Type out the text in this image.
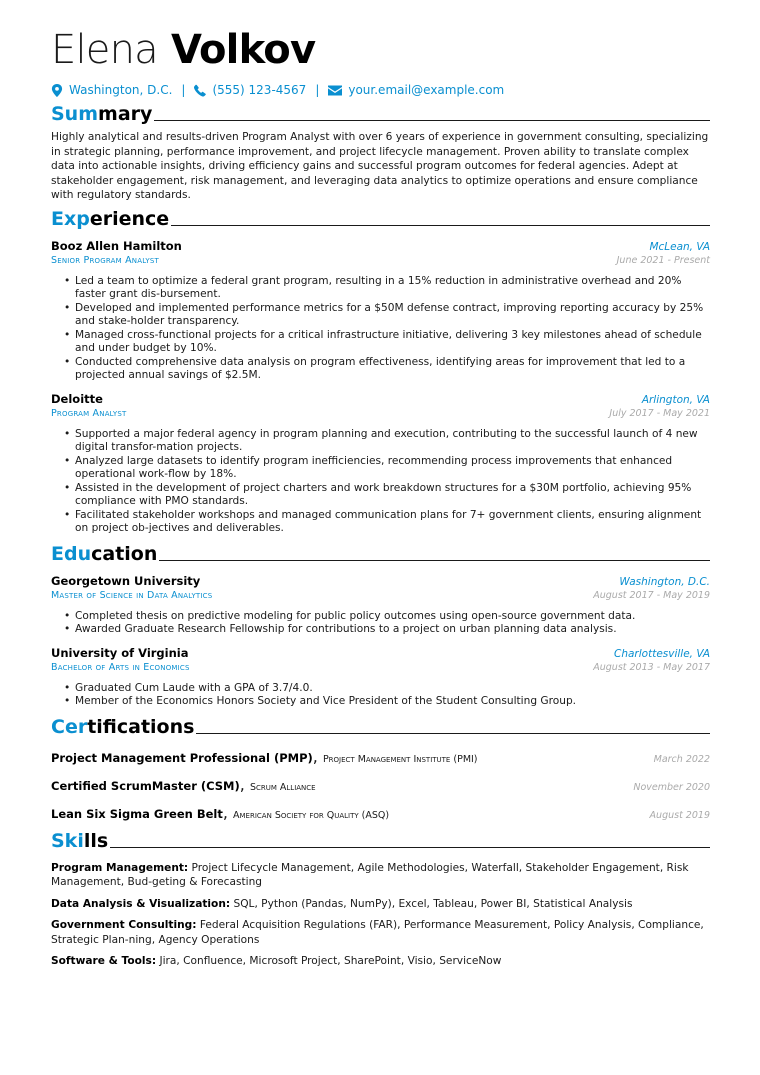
Elena Volkov
Washington, D.C. | (555) 123-4567 | your.email@example.com
Summary

Highly analytical and results-driven Program Analyst with over 6 years of experience in government consulting, specializing in strategic planning, performance improvement, and project lifecycle management. Proven ability to translate complex data into actionable insights, driving efficiency gains and successful program outcomes for federal agencies. Adept at stakeholder engagement, risk management, and leveraging data analytics to optimize operations and ensure compliance with regulatory standards.

Experience
Booz Allen Hamilton	McLean, VA
Senior Program Analyst	June 2021 - Present
• Led a team to optimize a federal grant program, resulting in a 15% reduction in administrative overhead and 20% faster grant dis-bursement.
• Developed and implemented performance metrics for a $50M defense contract, improving reporting accuracy by 25% and stake-holder transparency.
• Managed cross-functional projects for a critical infrastructure initiative, delivering 3 key milestones ahead of schedule and under budget by 10%.
• Conducted comprehensive data analysis on program effectiveness, identifying areas for improvement that led to a projected annual savings of $2.5M.
Deloitte	Arlington, VA
Program Analyst	July 2017 - May 2021
• Supported a major federal agency in program planning and execution, contributing to the successful launch of 4 new digital transfor-mation projects.
• Analyzed large datasets to identify program inefficiencies, recommending process improvements that enhanced operational work-flow by 18%.
• Assisted in the development of project charters and work breakdown structures for a $30M portfolio, achieving 95% compliance with PMO standards.
• Facilitated stakeholder workshops and managed communication plans for 7+ government clients, ensuring alignment on project ob-jectives and deliverables.
Education
Georgetown University	Washington, D.C.
Master of Science in Data Analytics	August 2017 - May 2019
• Completed thesis on predictive modeling for public policy outcomes using open-source government data.
• Awarded Graduate Research Fellowship for contributions to a project on urban planning data analysis.
University of Virginia	Charlottesville, VA
Bachelor of Arts in Economics	August 2013 - May 2017
• Graduated Cum Laude with a GPA of 3.7/4.0.
• Member of the Economics Honors Society and Vice President of the Student Consulting Group.
Certifications
Project Management Professional (PMP), Project Management Institute (PMI)	March 2022
Certified ScrumMaster (CSM), Scrum Alliance	November 2020
Lean Six Sigma Green Belt, American Society for Quality (ASQ)	August 2019
Skills
Program Management: Project Lifecycle Management, Agile Methodologies, Waterfall, Stakeholder Engagement, Risk Management, Bud-geting & Forecasting
Data Analysis & Visualization: SQL, Python (Pandas, NumPy), Excel, Tableau, Power BI, Statistical Analysis
Government Consulting: Federal Acquisition Regulations (FAR), Performance Measurement, Policy Analysis, Compliance, Strategic Plan-ning, Agency Operations
Software & Tools: Jira, Confluence, Microsoft Project, SharePoint, Visio, ServiceNow
